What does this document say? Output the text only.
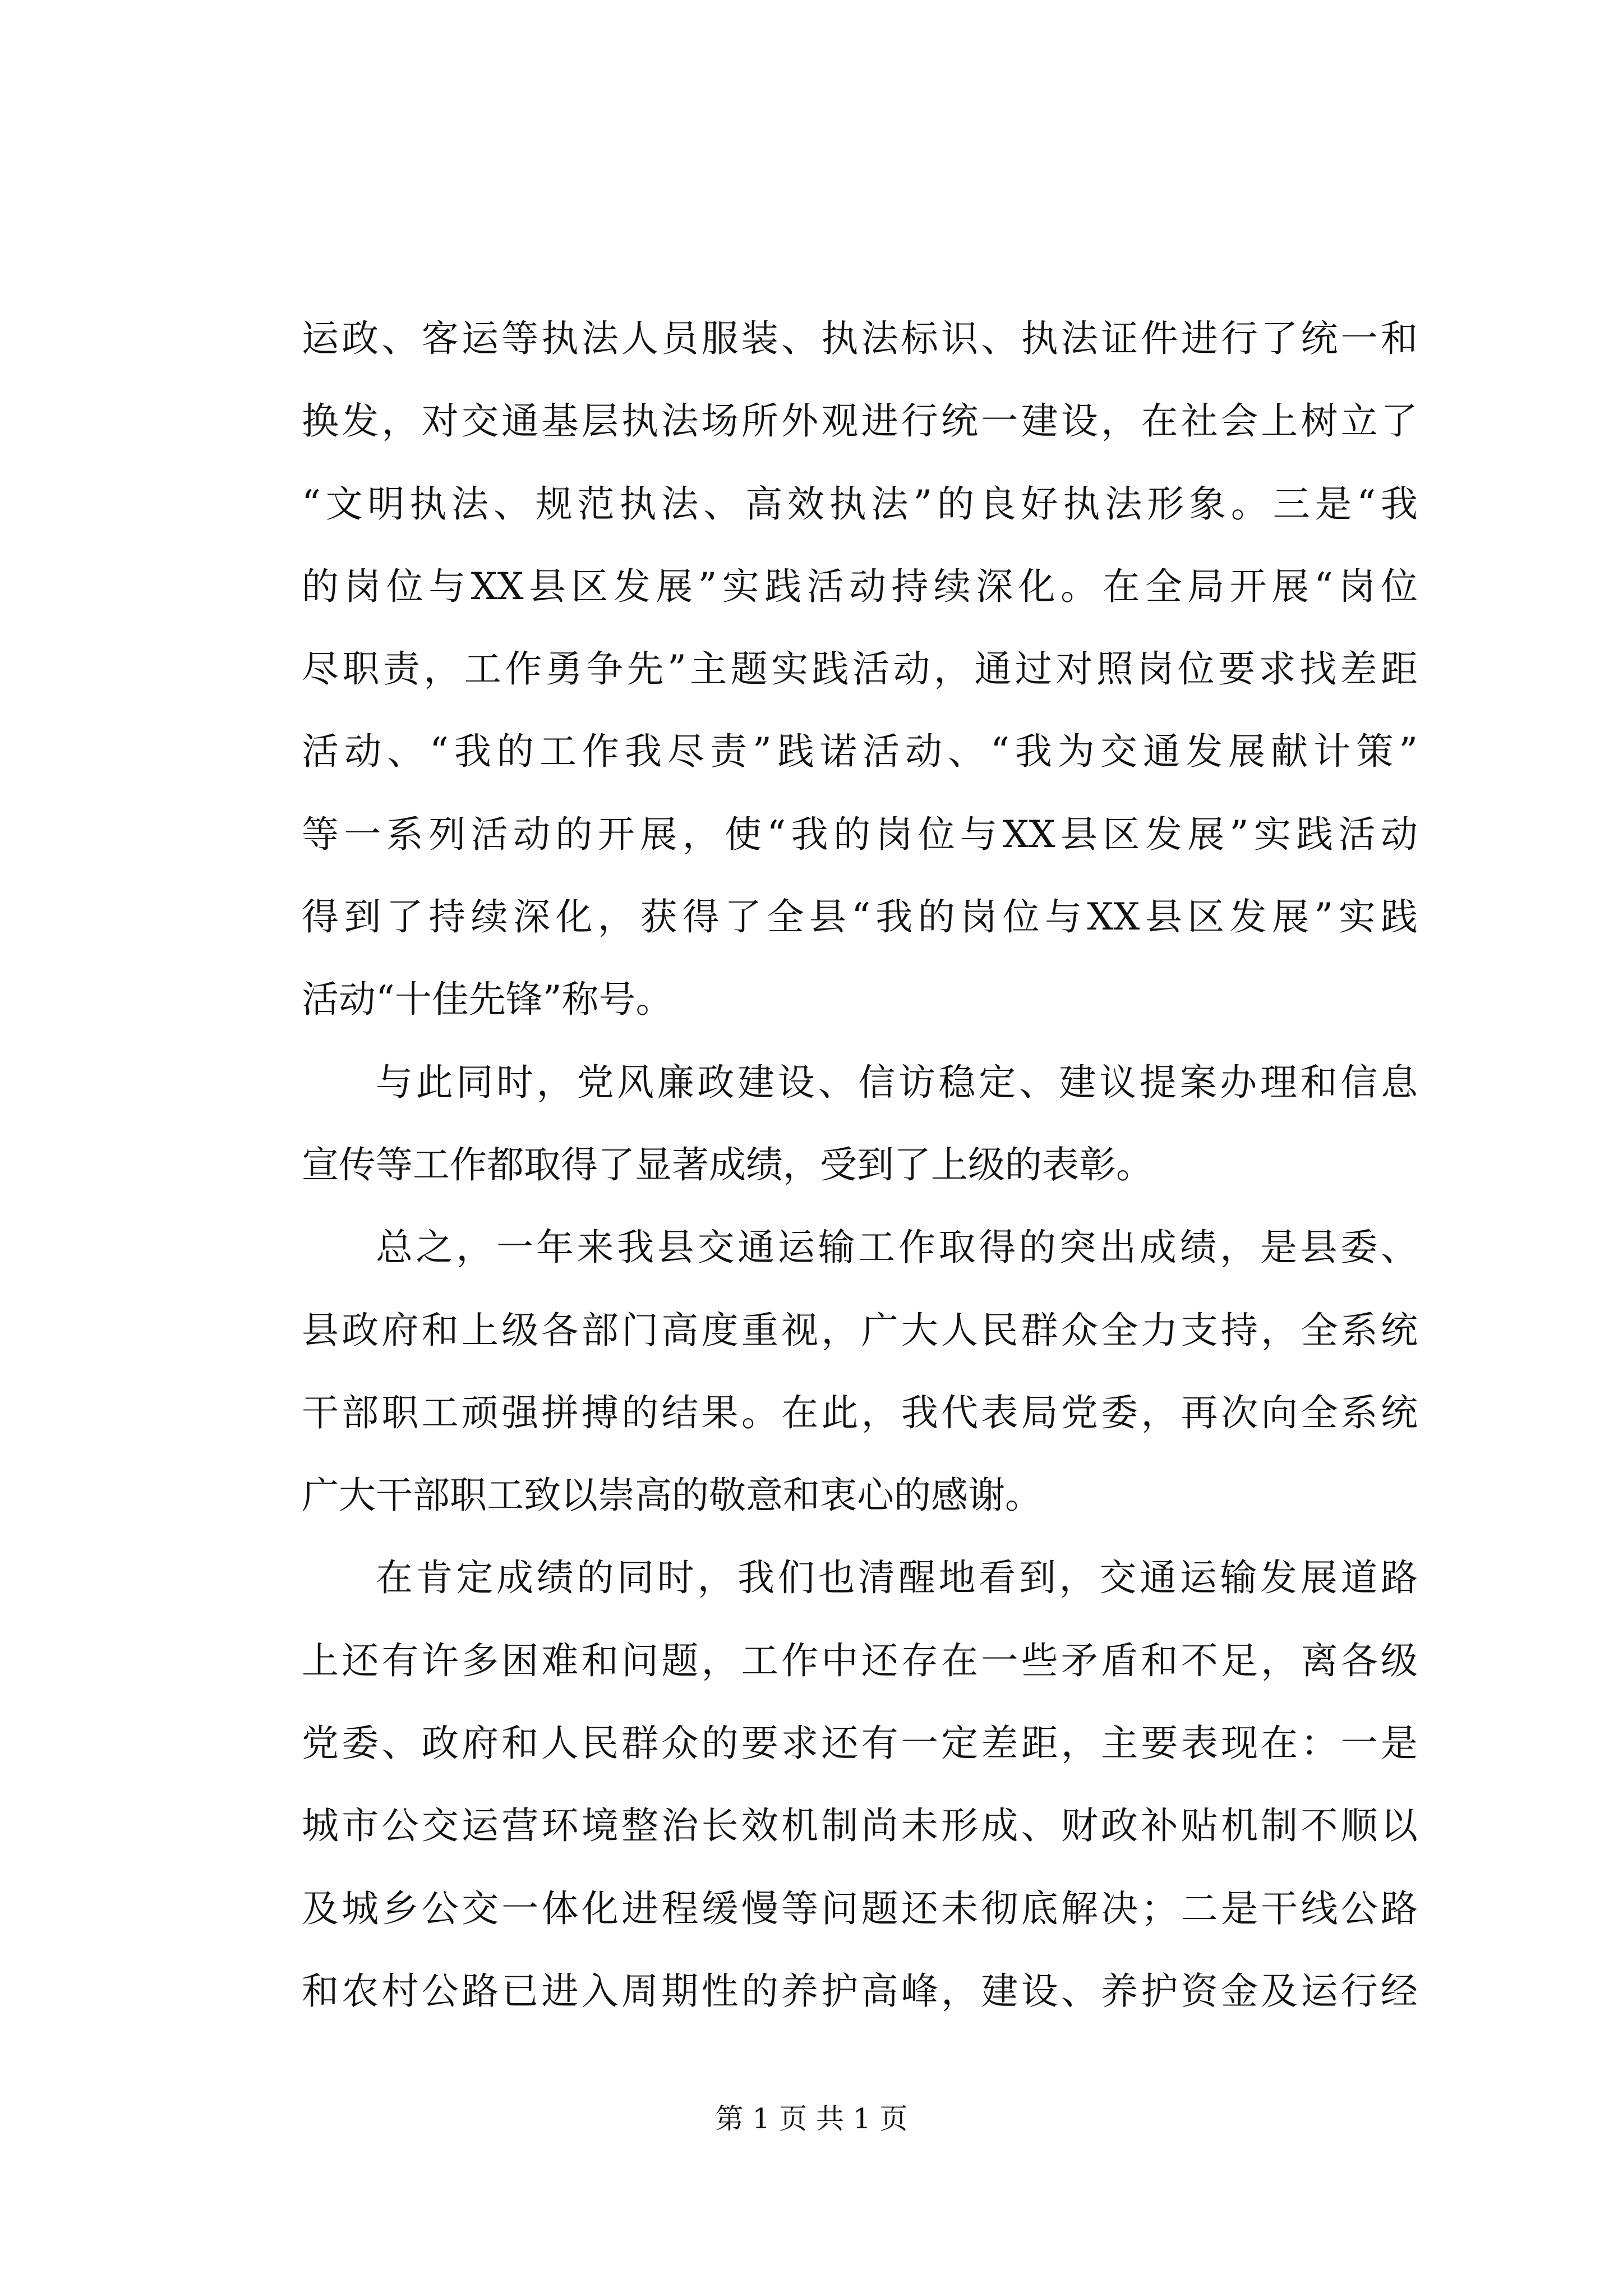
运政、客运等执法人员服装、执法标识、执法证件进行了统一和
换发，对交通基层执法场所外观进行统一建设，在社会上树立了
“文明执法、规范执法、高效执法”的良好执法形象。三是“我
的岗位与XX县区发展”实践活动持续深化。在全局开展“岗位
尽职责，工作勇争先”主题实践活动，通过对照岗位要求找差距
活动、“我的工作我尽责”践诺活动、“我为交通发展献计策”
等一系列活动的开展，使“我的岗位与XX县区发展”实践活动
得到了持续深化，获得了全县“我的岗位与XX县区发展”实践
活动“十佳先锋”称号。
与此同时，党风廉政建设、信访稳定、建议提案办理和信息
宣传等工作都取得了显著成绩，受到了上级的表彰。
总之，一年来我县交通运输工作取得的突出成绩，是县委、
县政府和上级各部门高度重视，广大人民群众全力支持，全系统
干部职工顽强拼搏的结果。在此，我代表局党委，再次向全系统
广大干部职工致以崇高的敬意和衷心的感谢。
在肯定成绩的同时，我们也清醒地看到，交通运输发展道路
上还有许多困难和问题，工作中还存在一些矛盾和不足，离各级
党委、政府和人民群众的要求还有一定差距，主要表现在：一是
城市公交运营环境整治长效机制尚未形成、财政补贴机制不顺以
及城乡公交一体化进程缓慢等问题还未彻底解决；二是干线公路
和农村公路已进入周期性的养护高峰，建设、养护资金及运行经
第 1 页 共 1 页
